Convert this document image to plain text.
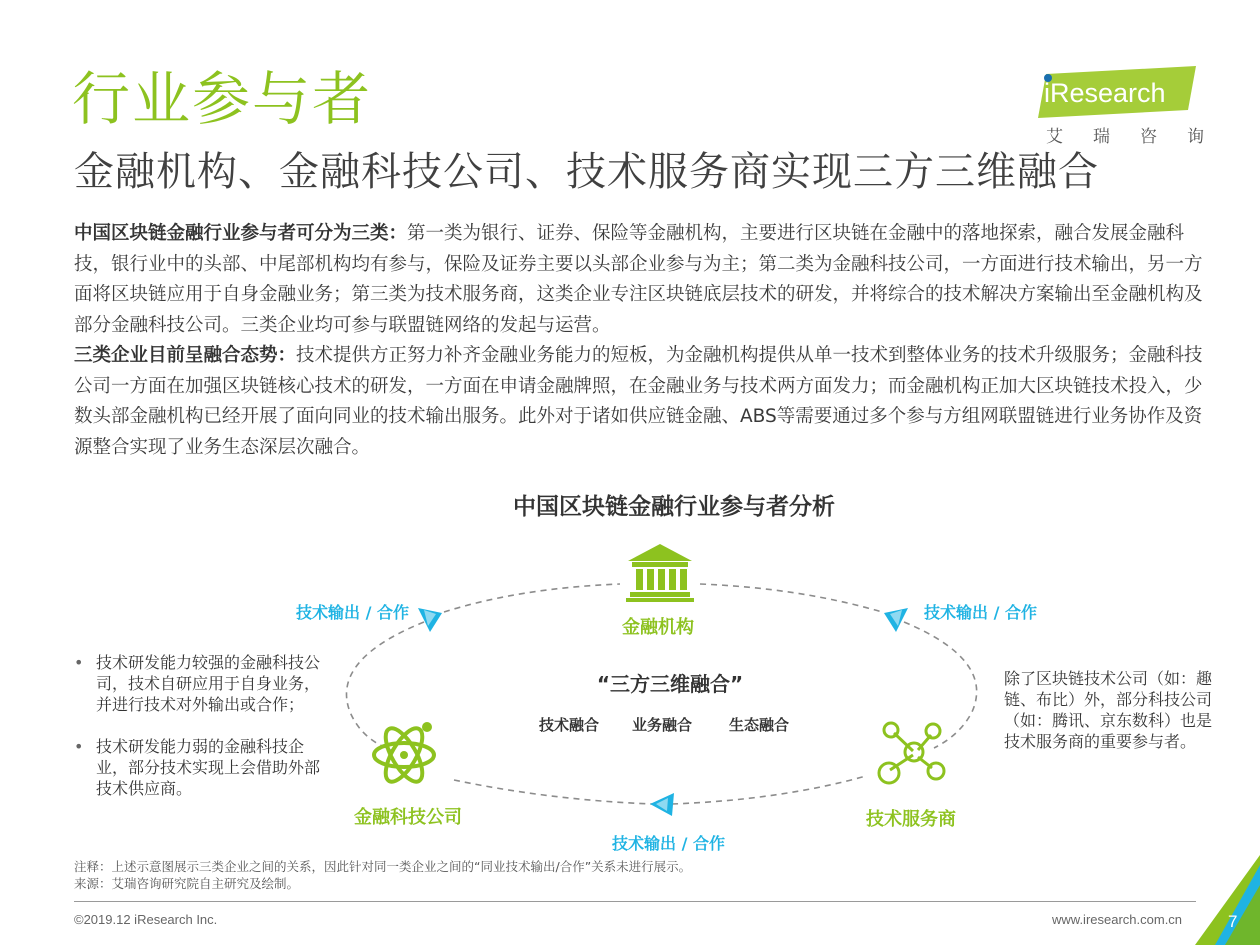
行业参与者
金融机构、金融科技公司、技术服务商实现三方三维融合
iResearch
艾瑞咨询

中国区块链金融行业参与者可分为三类：第一类为银行、证券、保险等金融机构，主要进行区块链在金融中的落地探索，融合发展金融科技，银行业中的头部、中尾部机构均有参与，保险及证券主要以头部企业参与为主；第二类为金融科技公司，一方面进行技术输出，另一方面将区块链应用于自身金融业务；第三类为技术服务商，这类企业专注区块链底层技术的研发，并将综合的技术解决方案输出至金融机构及部分金融科技公司。三类企业均可参与联盟链网络的发起与运营。

三类企业目前呈融合态势：技术提供方正努力补齐金融业务能力的短板，为金融机构提供从单一技术到整体业务的技术升级服务；金融科技公司一方面在加强区块链核心技术的研发，一方面在申请金融牌照，在金融业务与技术两方面发力；而金融机构正加大区块链技术投入，少数头部金融机构已经开展了面向同业的技术输出服务。此外对于诸如供应链金融、ABS等需要通过多个参与方组网联盟链进行业务协作及资源整合实现了业务生态深层次融合。

中国区块链金融行业参与者分析
金融机构
金融科技公司	技术服务商
技术输出 / 合作	技术输出 / 合作
技术输出 / 合作
“三方三维融合”
技术融合 业务融合 生态融合
• 技术研发能力较强的金融科技公司，技术自研应用于自身业务，并进行技术对外输出或合作；
• 技术研发能力弱的金融科技企业，部分技术实现上会借助外部技术供应商。
除了区块链技术公司（如：趣链、布比）外，部分科技公司（如：腾讯、京东数科）也是技术服务商的重要参与者。
注释：上述示意图展示三类企业之间的关系，因此针对同一类企业之间的“同业技术输出/合作”关系未进行展示。
来源：艾瑞咨询研究院自主研究及绘制。
©2019.12 iResearch Inc.	www.iresearch.com.cn	7
